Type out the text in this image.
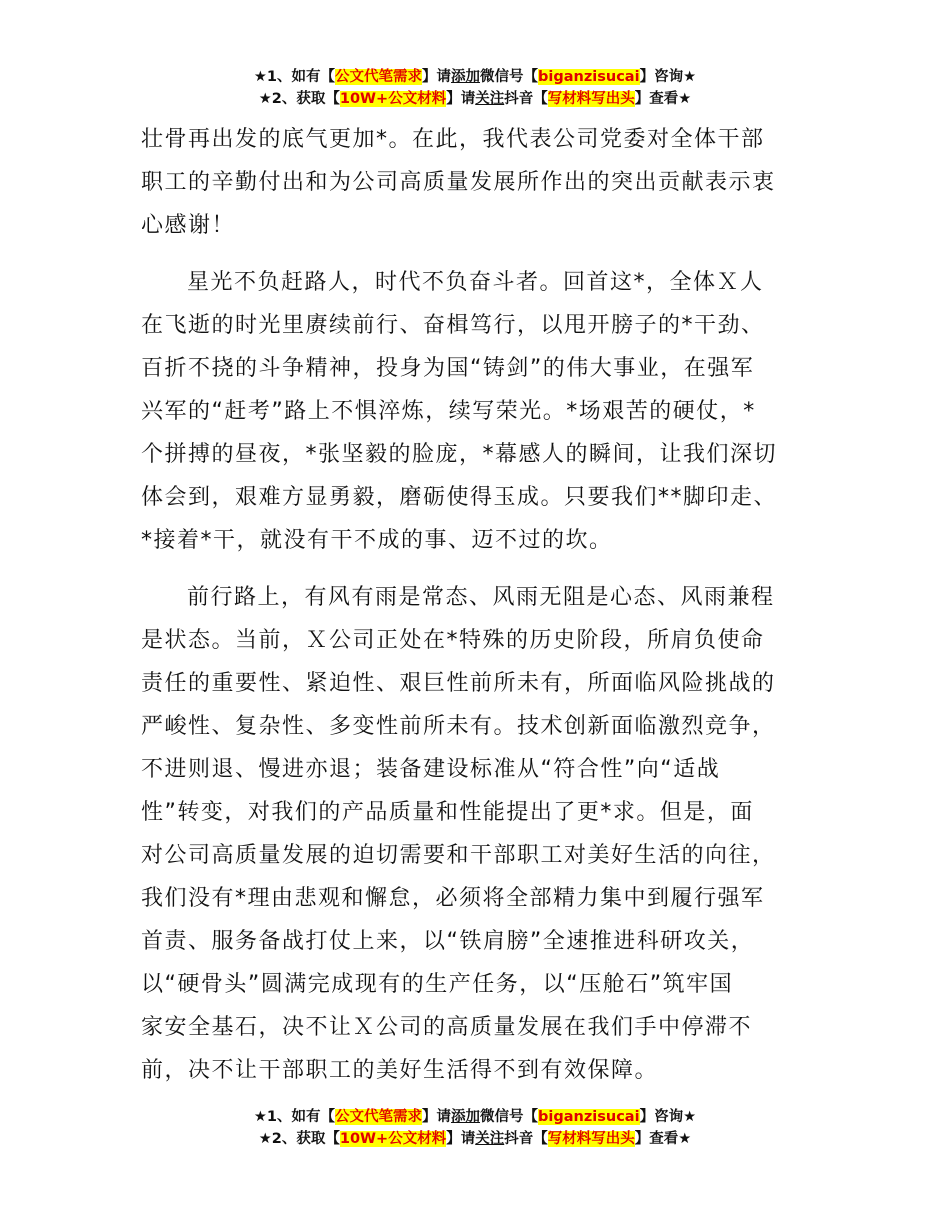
★1、如有【公文代笔需求】请添加微信号【biganzisucai】咨询★
★2、获取【10W+公文材料】请关注抖音【写材料写出头】查看★
壮骨再出发的底气更加*。在此，我代表公司党委对全体干部
职工的辛勤付出和为公司高质量发展所作出的突出贡献表示衷
心感谢！
星光不负赶路人，时代不负奋斗者。回首这*，全体Ｘ人
在飞逝的时光里赓续前行、奋楫笃行，以甩开膀子的*干劲、
百折不挠的斗争精神，投身为国“铸剑”的伟大事业，在强军
兴军的“赶考”路上不惧淬炼，续写荣光。*场艰苦的硬仗，*
个拼搏的昼夜，*张坚毅的脸庞，*幕感人的瞬间，让我们深切
体会到，艰难方显勇毅，磨砺使得玉成。只要我们**脚印走、
*接着*干，就没有干不成的事、迈不过的坎。
前行路上，有风有雨是常态、风雨无阻是心态、风雨兼程
是状态。当前，Ｘ公司正处在*特殊的历史阶段，所肩负使命
责任的重要性、紧迫性、艰巨性前所未有，所面临风险挑战的
严峻性、复杂性、多变性前所未有。技术创新面临激烈竞争，
不进则退、慢进亦退；装备建设标准从“符合性”向“适战
性”转变，对我们的产品质量和性能提出了更*求。但是，面
对公司高质量发展的迫切需要和干部职工对美好生活的向往，
我们没有*理由悲观和懈怠，必须将全部精力集中到履行强军
首责、服务备战打仗上来，以“铁肩膀”全速推进科研攻关，
以“硬骨头”圆满完成现有的生产任务，以“压舱石”筑牢国
家安全基石，决不让Ｘ公司的高质量发展在我们手中停滞不
前，决不让干部职工的美好生活得不到有效保障。
★1、如有【公文代笔需求】请添加微信号【biganzisucai】咨询★
★2、获取【10W+公文材料】请关注抖音【写材料写出头】查看★
